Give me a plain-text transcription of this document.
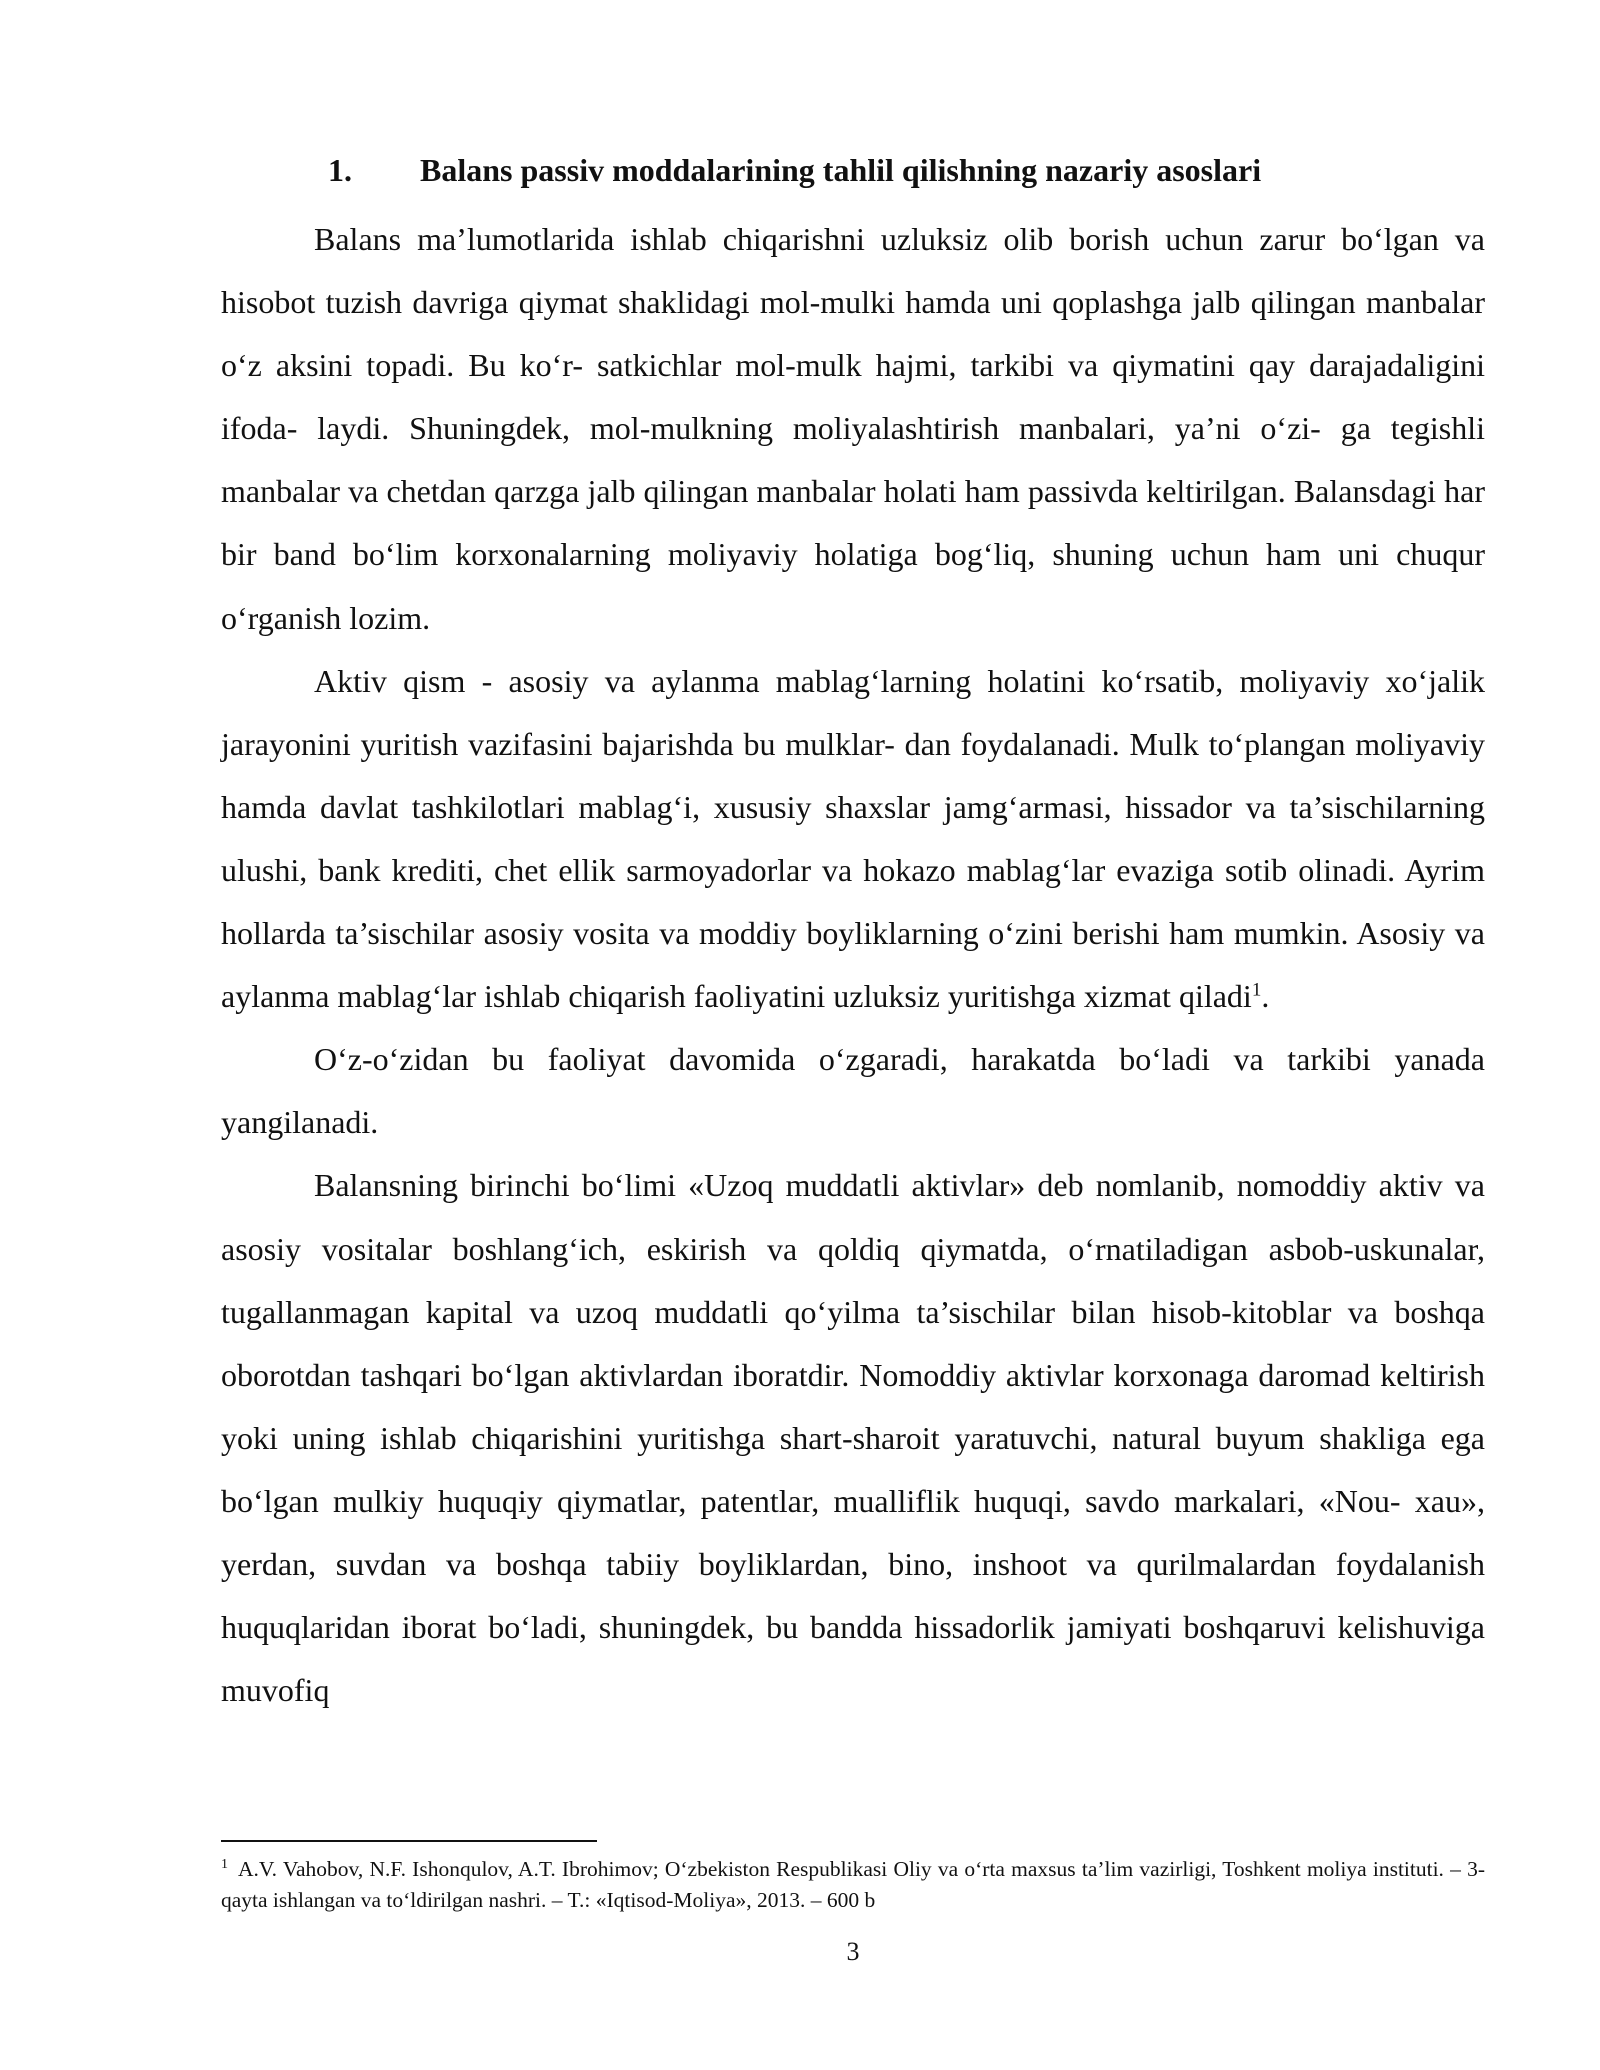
1. Balans passiv moddalarining tahlil qilishning nazariy asoslari

Balans ma’lumotlarida ishlab chiqarishni uzluksiz olib borish uchun zarur bo‘lgan va hisobot tuzish davriga qiymat shaklidagi mol-mulki hamda uni qoplashga jalb qilingan manbalar o‘z aksini topadi. Bu ko‘r- satkichlar mol-mulk hajmi, tarkibi va qiymatini qay darajadaligini ifoda- laydi. Shuningdek, mol-mulkning moliyalashtirish manbalari, ya’ni o‘zi- ga tegishli manbalar va chetdan qarzga jalb qilingan manbalar holati ham passivda keltirilgan. Balansdagi har bir band bo‘lim korxonalarning moliyaviy holatiga bog‘liq, shuning uchun ham uni chuqur o‘rganish lozim.

Aktiv qism - asosiy va aylanma mablag‘larning holatini ko‘rsatib, moliyaviy xo‘jalik jarayonini yuritish vazifasini bajarishda bu mulklar- dan foydalanadi. Mulk to‘plangan moliyaviy hamda davlat tashkilotlari mablag‘i, xususiy shaxslar jamg‘armasi, hissador va ta’sischilarning ulushi, bank krediti, chet ellik sarmoyadorlar va hokazo mablag‘lar evaziga sotib olinadi. Ayrim hollarda ta’sischilar asosiy vosita va moddiy boyliklarning o‘zini berishi ham mumkin. Asosiy va aylanma mablag‘lar ishlab chiqarish faoliyatini uzluksiz yuritishga xizmat qiladi$^1$.

O‘z-o‘zidan bu faoliyat davomida o‘zgaradi, harakatda bo‘ladi va tarkibi yanada yangilanadi.

Balansning birinchi bo‘limi «Uzoq muddatli aktivlar» deb nomlanib, nomoddiy aktiv va asosiy vositalar boshlang‘ich, eskirish va qoldiq qiymatda, o‘rnatiladigan asbob-uskunalar, tugallanmagan kapital va uzoq muddatli qo‘yilma ta’sischilar bilan hisob-kitoblar va boshqa oborotdan tashqari bo‘lgan aktivlardan iboratdir. Nomoddiy aktivlar korxonaga daromad keltirish yoki uning ishlab chiqarishini yuritishga shart-sharoit yaratuvchi, natural buyum shakliga ega bo‘lgan mulkiy huquqiy qiymatlar, patentlar, mualliflik huquqi, savdo markalari, «Nou- xau», yerdan, suvdan va boshqa tabiiy boyliklardan, bino, inshoot va qurilmalardan foydalanish huquqlaridan iborat bo‘ladi, shuningdek, bu bandda hissadorlik jamiyati boshqaruvi kelishuviga muvofiq

$^1$ A.V. Vahobov, N.F. Ishonqulov, A.T. Ibrohimov; O‘zbekiston Respublikasi Oliy va o‘rta maxsus ta’lim vazirligi, Toshkent moliya instituti. – 3- qayta ishlangan va to‘ldirilgan nashri. – T.: «Iqtisod-Moliya», 2013. – 600 b

3
